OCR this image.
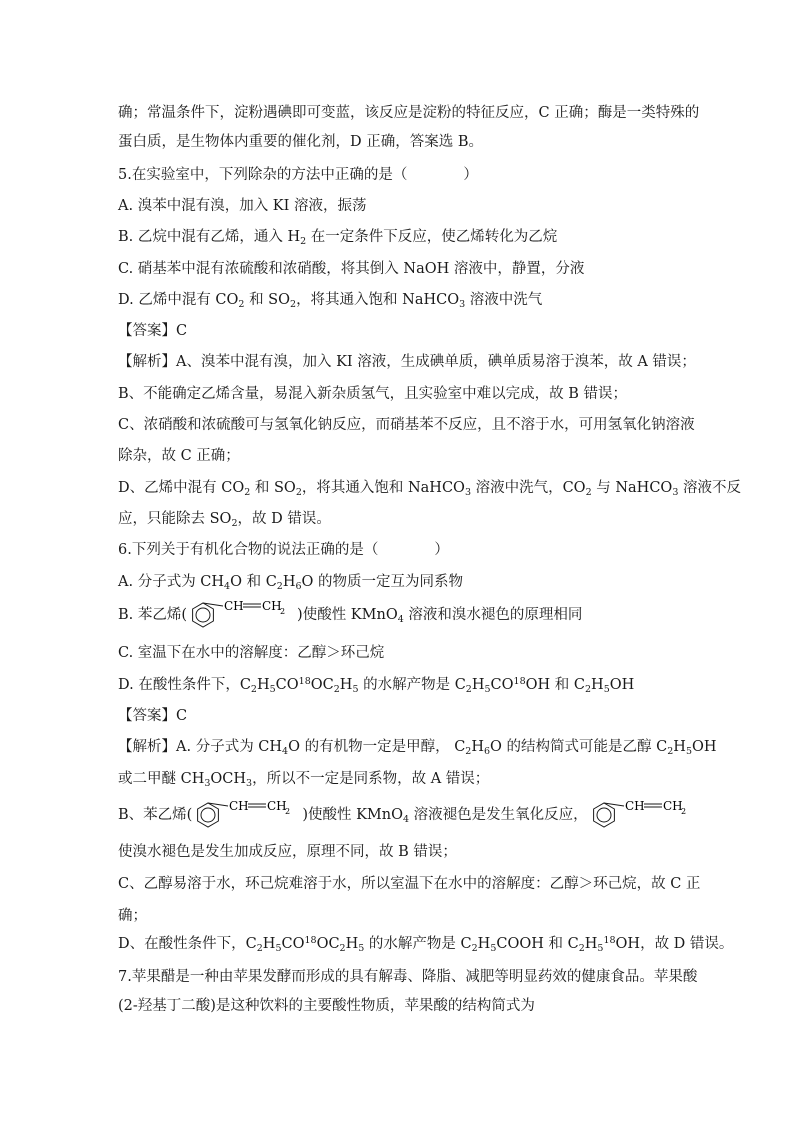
确；常温条件下，淀粉遇碘即可变蓝，该反应是淀粉的特征反应，C 正确；酶是一类特殊的
蛋白质，是生物体内重要的催化剂，D 正确，答案选 B。
5.在实验室中，下列除杂的方法中正确的是（	）
A. 溴苯中混有溴，加入 KI 溶液，振荡
B. 乙烷中混有乙烯，通入 $H_2$ 在一定条件下反应，使乙烯转化为乙烷
C. 硝基苯中混有浓硫酸和浓硝酸，将其倒入 NaOH 溶液中，静置，分液
D. 乙烯中混有 $CO_2$ 和 $SO_2$，将其通入饱和 NaHCO$_3$ 溶液中洗气
【答案】C
【解析】A、溴苯中混有溴，加入 KI 溶液，生成碘单质，碘单质易溶于溴苯，故 A 错误；
B、不能确定乙烯含量，易混入新杂质氢气，且实验室中难以完成，故 B 错误；
C、浓硝酸和浓硫酸可与氢氧化钠反应，而硝基苯不反应，且不溶于水，可用氢氧化钠溶液
除杂，故 C 正确；
D、乙烯中混有 $CO_2$ 和 $SO_2$，将其通入饱和 NaHCO$_3$ 溶液中洗气，$CO_2$ 与 NaHCO$_3$ 溶液不反
应，只能除去 $SO_2$，故 D 错误。
6.下列关于有机化合物的说法正确的是（	）
A. 分子式为 $CH_4O$ 和 $C_2H_6O$ 的物质一定互为同系物
B. 苯乙烯(
CH CH
2 )使酸性 KMnO$_4$ 溶液和溴水褪色的原理相同
C. 室温下在水中的溶解度：乙醇＞环己烷
D. 在酸性条件下，$C_2H_5CO^{18}OC_2H_5$ 的水解产物是 $C_2H_5CO^{18}OH$ 和 $C_2H_5OH$
【答案】C
【解析】A. 分子式为 $CH_4O$ 的有机物一定是甲醇， $C_2H_6O$ 的结构简式可能是乙醇 $C_2H_5OH$
或二甲醚 $CH_3OCH_3$，所以不一定是同系物，故 A 错误；
B、苯乙烯(
CH CH
2 )使酸性 KMnO$_4$ 溶液褪色是发生氧化反应，
CH CH
2
使溴水褪色是发生加成反应，原理不同，故 B 错误；
C、乙醇易溶于水，环己烷难溶于水，所以室温下在水中的溶解度：乙醇＞环己烷，故 C 正
确；
D、在酸性条件下，$C_2H_5CO^{18}OC_2H_5$ 的水解产物是 $C_2H_5COOH$ 和 $C_2H_5^{18}OH$，故 D 错误。
7.苹果醋是一种由苹果发酵而形成的具有解毒、降脂、减肥等明显药效的健康食品。苹果酸
(2-羟基丁二酸)是这种饮料的主要酸性物质，苹果酸的结构简式为
